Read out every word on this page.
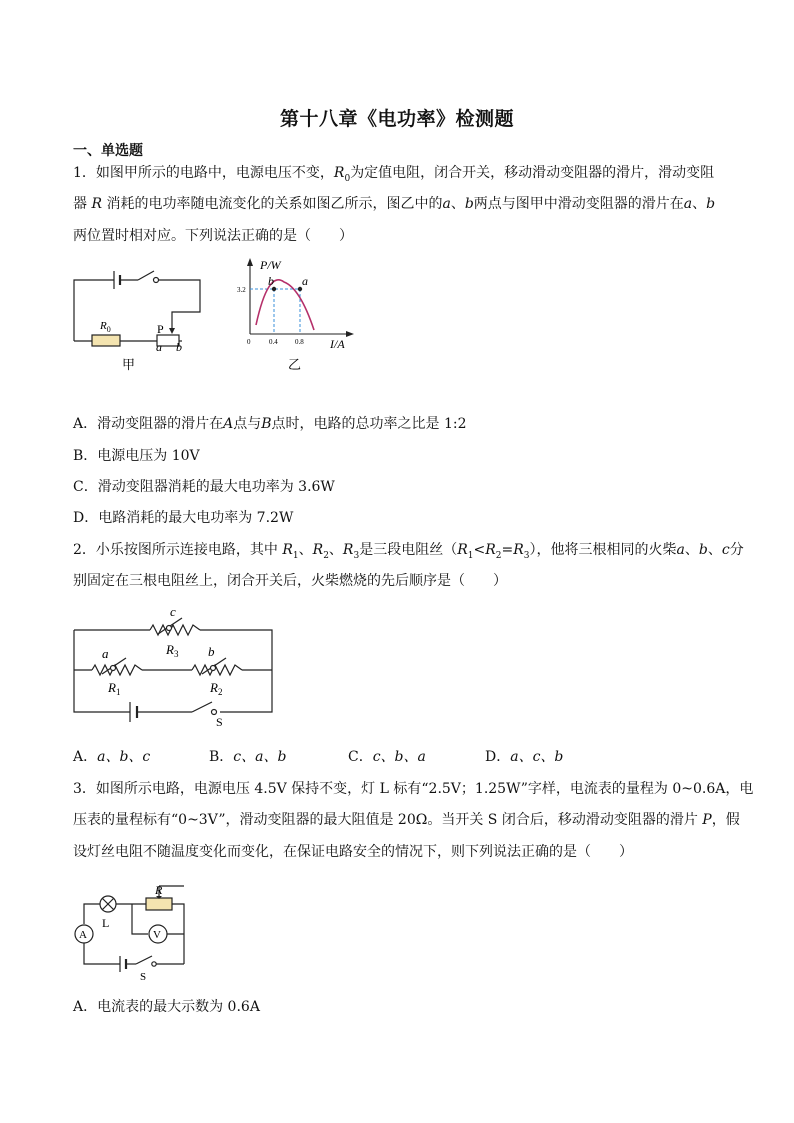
第十八章《电功率》检测题
一、单选题
1．如图甲所示的电路中，电源电压不变，$R_0$为定值电阻，闭合开关，移动滑动变阻器的滑片，滑动变阻
器 R 消耗的电功率随电流变化的关系如图乙所示，图乙中的a、b两点与图甲中滑动变阻器的滑片在a、b
两位置时相对应。下列说法正确的是（　　）
$R_0$	P
a b
甲
P/W
I/A
3.2
0	0.4 0.8
b a
乙
A．滑动变阻器的滑片在A点与B点时，电路的总功率之比是 1:2
B．电源电压为 10V
C．滑动变阻器消耗的最大电功率为 3.6W
D．电路消耗的最大电功率为 7.2W
2．小乐按图所示连接电路，其中 $R_1$、$R_2$、$R_3$是三段电阻丝$(R_1<R_2=R_3)$，他将三根相同的火柴a、b、c分
别固定在三根电阻丝上，闭合开关后，火柴燃烧的先后顺序是（　　）
c
$R_3$
a
$R_1$
b
$R_2$
S
A．a、b、c	B．c、a、b	C．c、b、a	D．a、c、b
3．如图所示电路，电源电压 4.5V 保持不变，灯 L 标有“2.5V；1.25W”字样，电流表的量程为 0~0.6A，电
压表的量程标有“0~3V”，滑动变阻器的最大阻值是 20Ω。当开关 S 闭合后，移动滑动变阻器的滑片 P，假
设灯丝电阻不随温度变化而变化，在保证电路安全的情况下，则下列说法正确的是（　　）
L
R
A	V
S
A．电流表的最大示数为 0.6A
